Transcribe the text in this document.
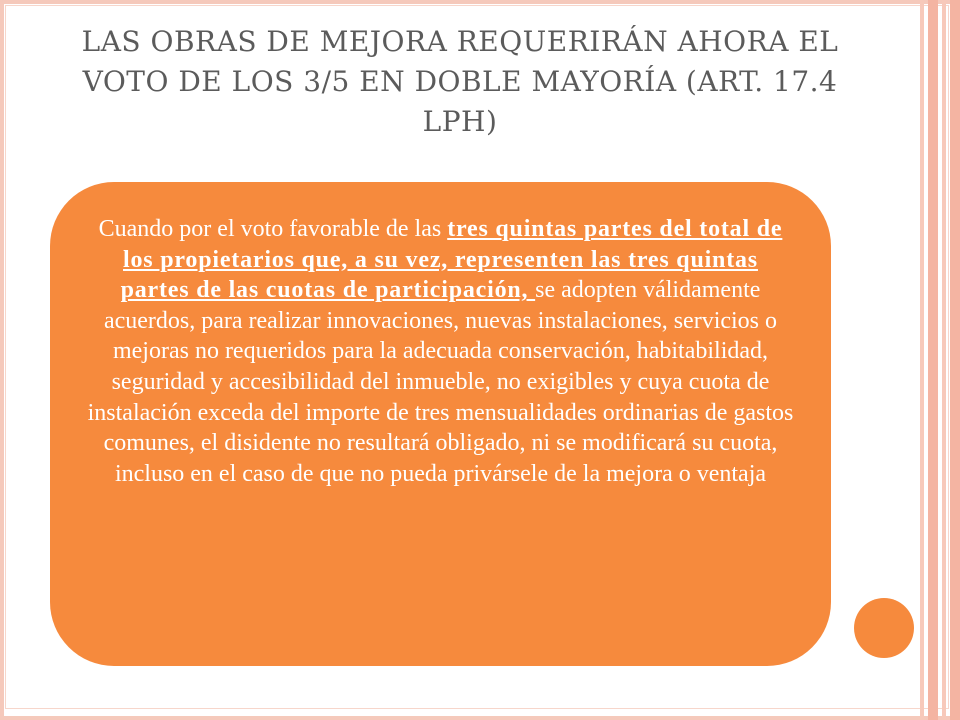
LAS OBRAS DE MEJORA REQUERIRÁN AHORA EL VOTO DE LOS 3/5 EN DOBLE MAYORÍA (ART. 17.4 LPH)

Cuando por el voto favorable de las tres quintas partes del total de los propietarios que, a su vez, representen las tres quintas partes de las cuotas de participación, se adopten válidamente acuerdos, para realizar innovaciones, nuevas instalaciones, servicios o mejoras no requeridos para la adecuada conservación, habitabilidad, seguridad y accesibilidad del inmueble, no exigibles y cuya cuota de instalación exceda del importe de tres mensualidades ordinarias de gastos comunes, el disidente no resultará obligado, ni se modificará su cuota, incluso en el caso de que no pueda privársele de la mejora o ventaja
